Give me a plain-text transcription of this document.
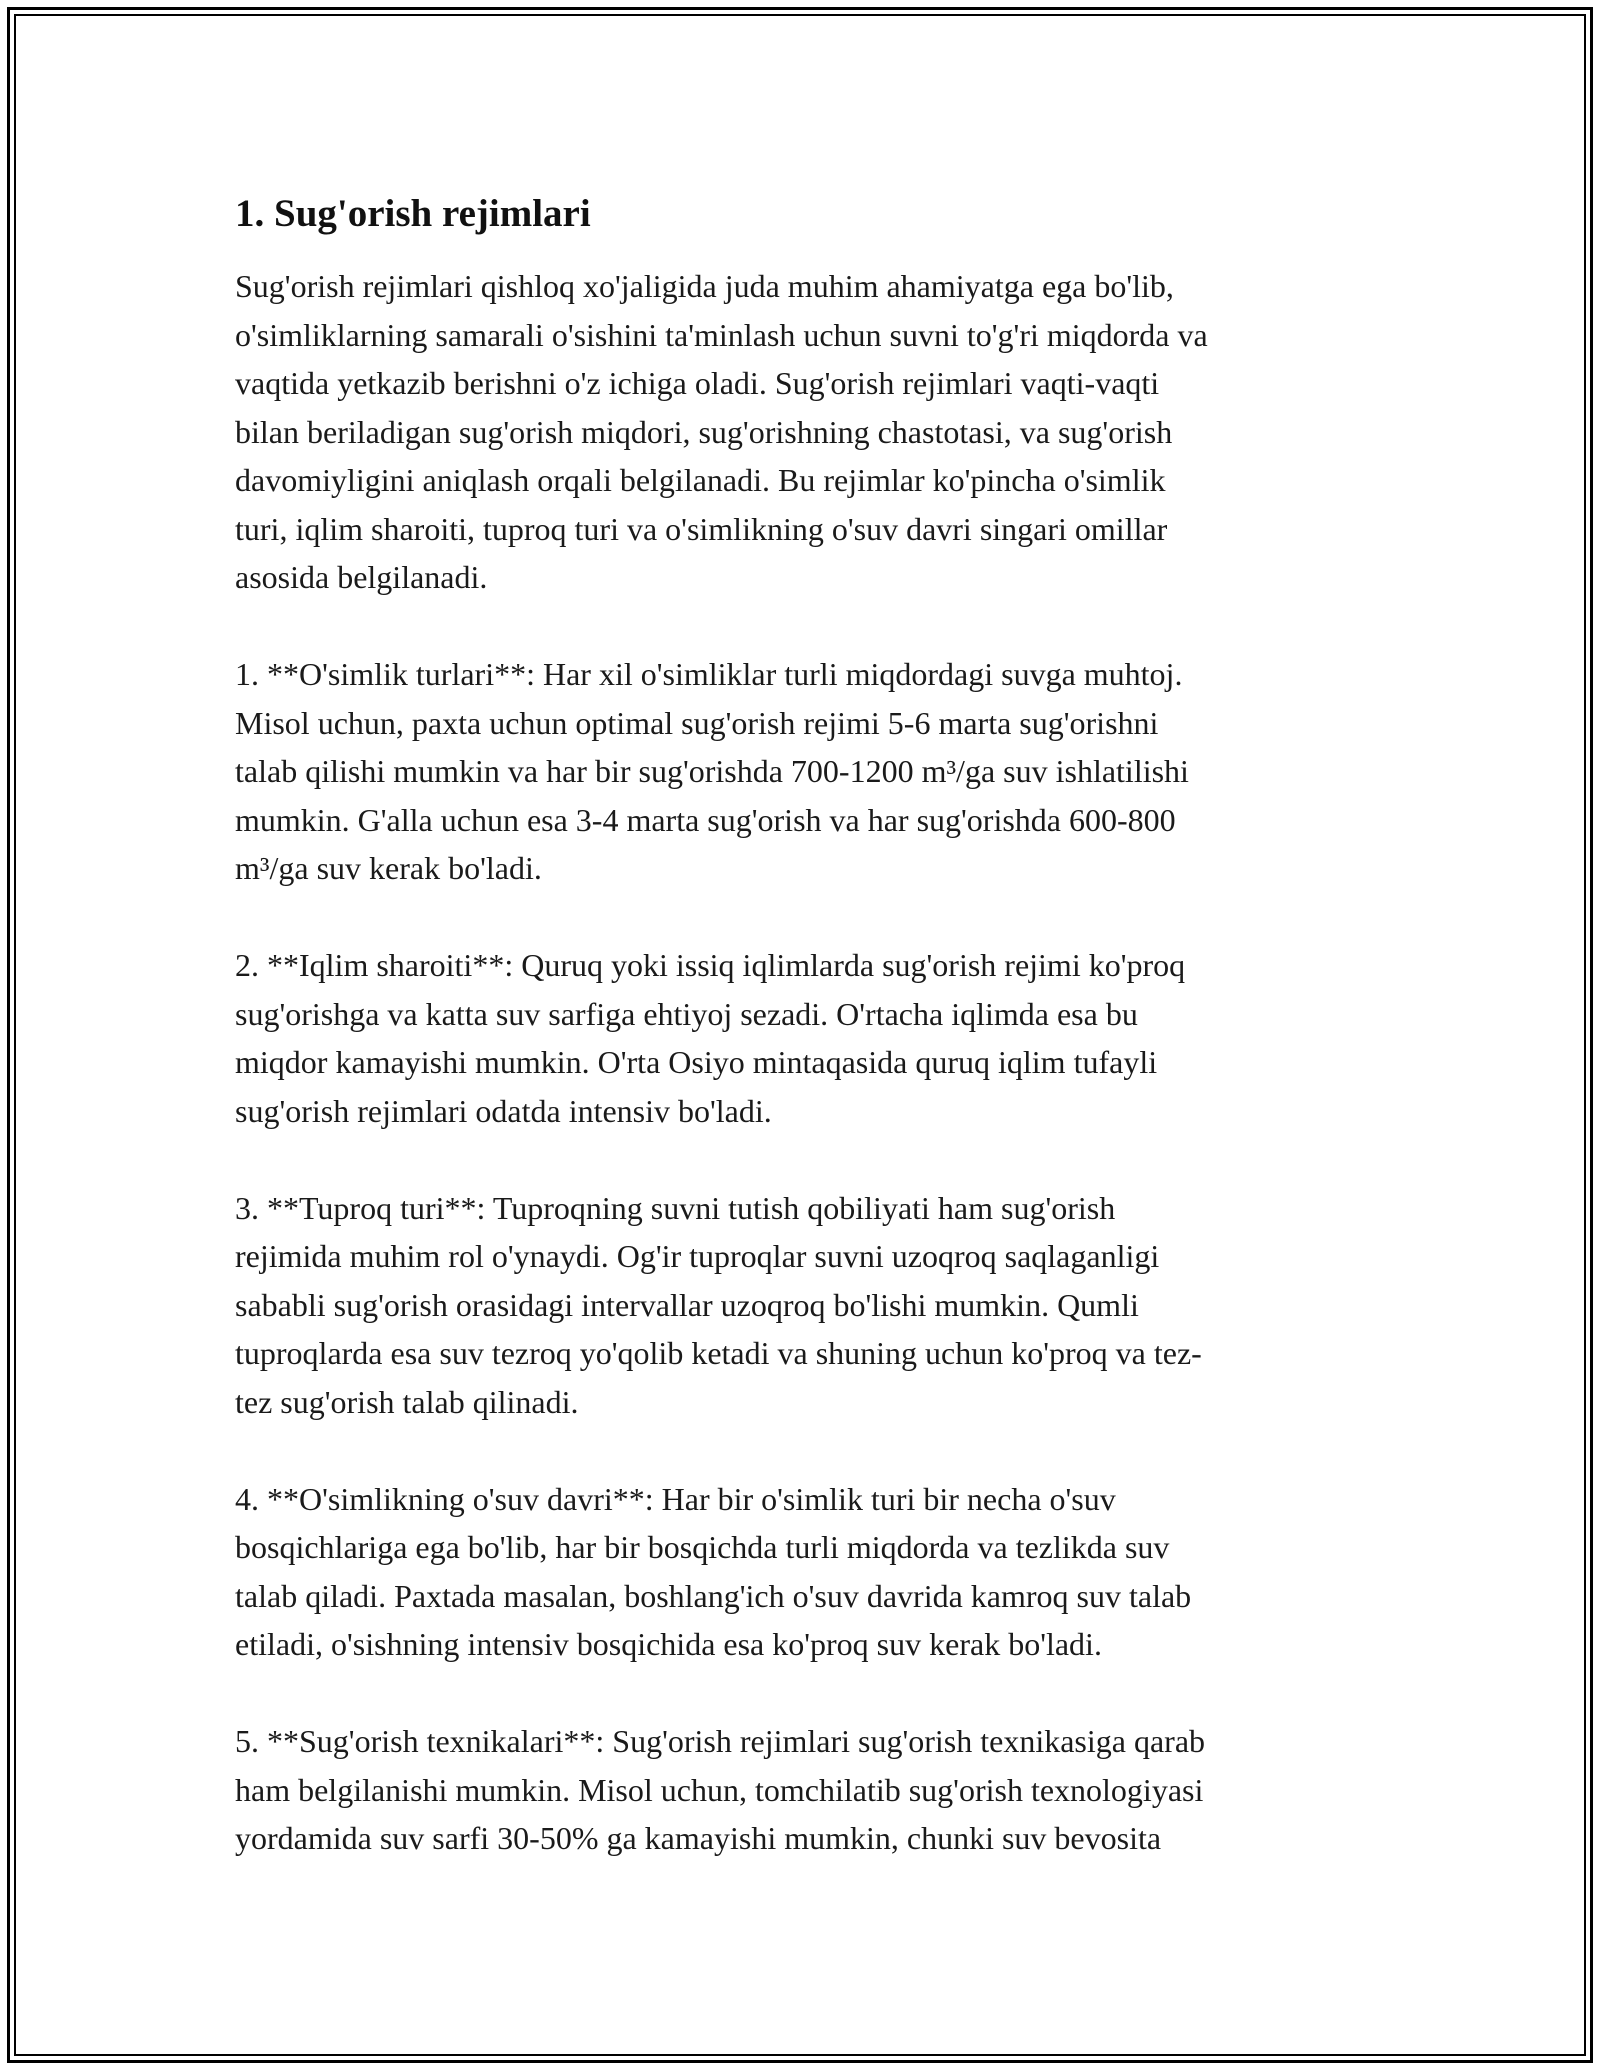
1. Sug'orish rejimlari

Sug'orish rejimlari qishloq xo'jaligida juda muhim ahamiyatga ega bo'lib,
o'simliklarning samarali o'sishini ta'minlash uchun suvni to'g'ri miqdorda va
vaqtida yetkazib berishni o'z ichiga oladi. Sug'orish rejimlari vaqti-vaqti
bilan beriladigan sug'orish miqdori, sug'orishning chastotasi, va sug'orish
davomiyligini aniqlash orqali belgilanadi. Bu rejimlar ko'pincha o'simlik
turi, iqlim sharoiti, tuproq turi va o'simlikning o'suv davri singari omillar
asosida belgilanadi.

1. **O'simlik turlari**: Har xil o'simliklar turli miqdordagi suvga muhtoj.
Misol uchun, paxta uchun optimal sug'orish rejimi 5-6 marta sug'orishni
talab qilishi mumkin va har bir sug'orishda 700-1200 m³/ga suv ishlatilishi
mumkin. G'alla uchun esa 3-4 marta sug'orish va har sug'orishda 600-800
m³/ga suv kerak bo'ladi.

2. **Iqlim sharoiti**: Quruq yoki issiq iqlimlarda sug'orish rejimi ko'proq
sug'orishga va katta suv sarfiga ehtiyoj sezadi. O'rtacha iqlimda esa bu
miqdor kamayishi mumkin. O'rta Osiyo mintaqasida quruq iqlim tufayli
sug'orish rejimlari odatda intensiv bo'ladi.

3. **Tuproq turi**: Tuproqning suvni tutish qobiliyati ham sug'orish
rejimida muhim rol o'ynaydi. Og'ir tuproqlar suvni uzoqroq saqlaganligi
sababli sug'orish orasidagi intervallar uzoqroq bo'lishi mumkin. Qumli
tuproqlarda esa suv tezroq yo'qolib ketadi va shuning uchun ko'proq va tez-
tez sug'orish talab qilinadi.

4. **O'simlikning o'suv davri**: Har bir o'simlik turi bir necha o'suv
bosqichlariga ega bo'lib, har bir bosqichda turli miqdorda va tezlikda suv
talab qiladi. Paxtada masalan, boshlang'ich o'suv davrida kamroq suv talab
etiladi, o'sishning intensiv bosqichida esa ko'proq suv kerak bo'ladi.

5. **Sug'orish texnikalari**: Sug'orish rejimlari sug'orish texnikasiga qarab
ham belgilanishi mumkin. Misol uchun, tomchilatib sug'orish texnologiyasi
yordamida suv sarfi 30-50% ga kamayishi mumkin, chunki suv bevosita
